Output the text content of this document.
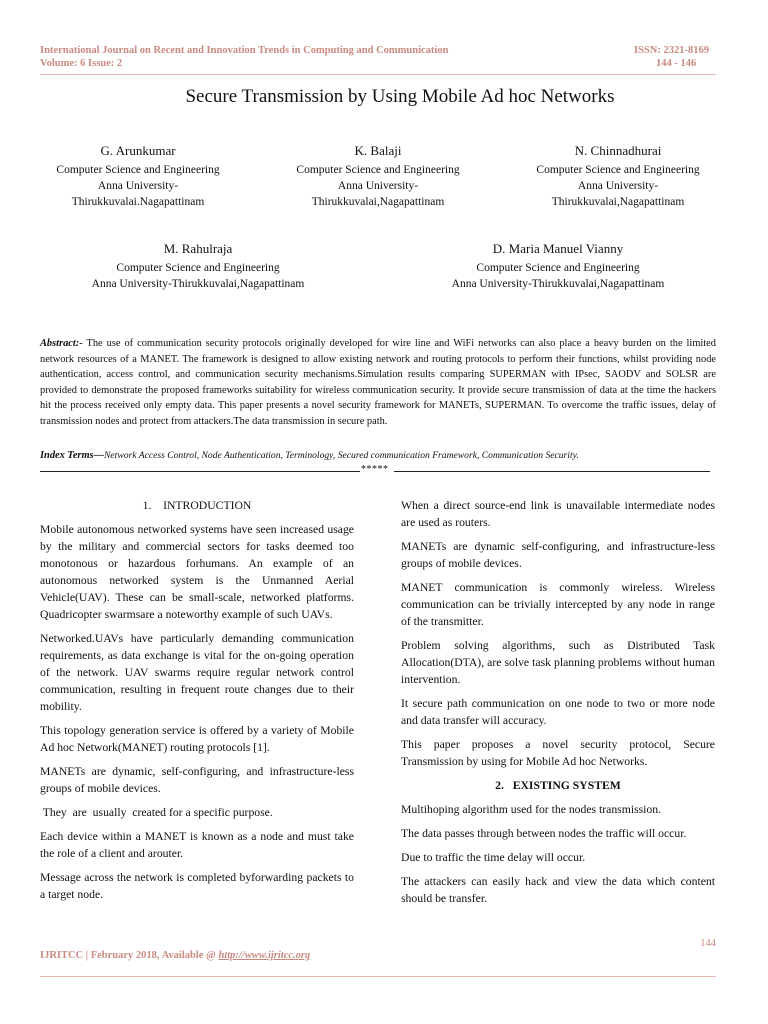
International Journal on Recent and Innovation Trends in Computing and Communication
Volume: 6 Issue: 2
ISSN: 2321-8169
144 - 146
Secure Transmission by Using Mobile Ad hoc Networks
G. Arunkumar
Computer Science and Engineering
Anna University-
Thirukkuvalai.Nagapattinam
K. Balaji
Computer Science and Engineering
Anna University-
Thirukkuvalai,Nagapattinam
N. Chinnadhurai
Computer Science and Engineering
Anna University-
Thirukkuvalai,Nagapattinam
M. Rahulraja
Computer Science and Engineering
Anna University-Thirukkuvalai,Nagapattinam
D. Maria Manuel Vianny
Computer Science and Engineering
Anna University-Thirukkuvalai,Nagapattinam
Abstract:- The use of communication security protocols originally developed for wire line and WiFi networks can also place a heavy burden on the limited network resources of a MANET. The framework is designed to allow existing network and routing protocols to perform their functions, whilst providing node authentication, access control, and communication security mechanisms.Simulation results comparing SUPERMAN with IPsec, SAODV and SOLSR are provided to demonstrate the proposed frameworks suitability for wireless communication security. It provide secure transmission of data at the time the hackers hit the process received only empty data. This paper presents a novel security framework for MANETs, SUPERMAN. To overcome the traffic issues, delay of transmission nodes and protect from attackers.The data transmission in secure path.
Index Terms—Network Access Control, Node Authentication, Terminology, Secured communication Framework, Communication Security.
*****
1. INTRODUCTION

Mobile autonomous networked systems have seen increased usage by the military and commercial sectors for tasks deemed too monotonous or hazardous forhumans. An example of an autonomous networked system is the Unmanned Aerial Vehicle(UAV). These can be small-scale, networked platforms. Quadricopter swarmsare a noteworthy example of such UAVs.

Networked.UAVs have particularly demanding communication requirements, as data exchange is vital for the on-going operation of the network. UAV swarms require regular network control communication, resulting in frequent route changes due to their mobility.

This topology generation service is offered by a variety of Mobile Ad hoc Network(MANET) routing protocols [1].

MANETs are dynamic, self-configuring, and infrastructure-less groups of mobile devices.

They  are  usually  created for a specific purpose.

Each device within a MANET is known as a node and must take the role of a client and arouter.

Message across the network is completed byforwarding packets to a target node.

When a direct source-end link is unavailable intermediate nodes are used as routers.

MANETs are dynamic self-configuring, and infrastructure-less groups of mobile devices.

MANET communication is commonly wireless. Wireless communication can be trivially intercepted by any node in range of the transmitter.

Problem solving algorithms, such as Distributed Task Allocation(DTA), are solve task planning problems without human intervention.

It secure path communication on one node to two or more node and data transfer will accuracy.

This paper proposes a novel security protocol, Secure Transmission by using for Mobile Ad hoc Networks.

2. EXISTING SYSTEM

Multihoping algorithm used for the nodes transmission.

The data passes through between nodes the traffic will occur.

Due to traffic the time delay will occur.

The attackers can easily hack and view the data which content should be transfer.

144
IJRITCC | February 2018, Available @ http://www.ijritcc.org
